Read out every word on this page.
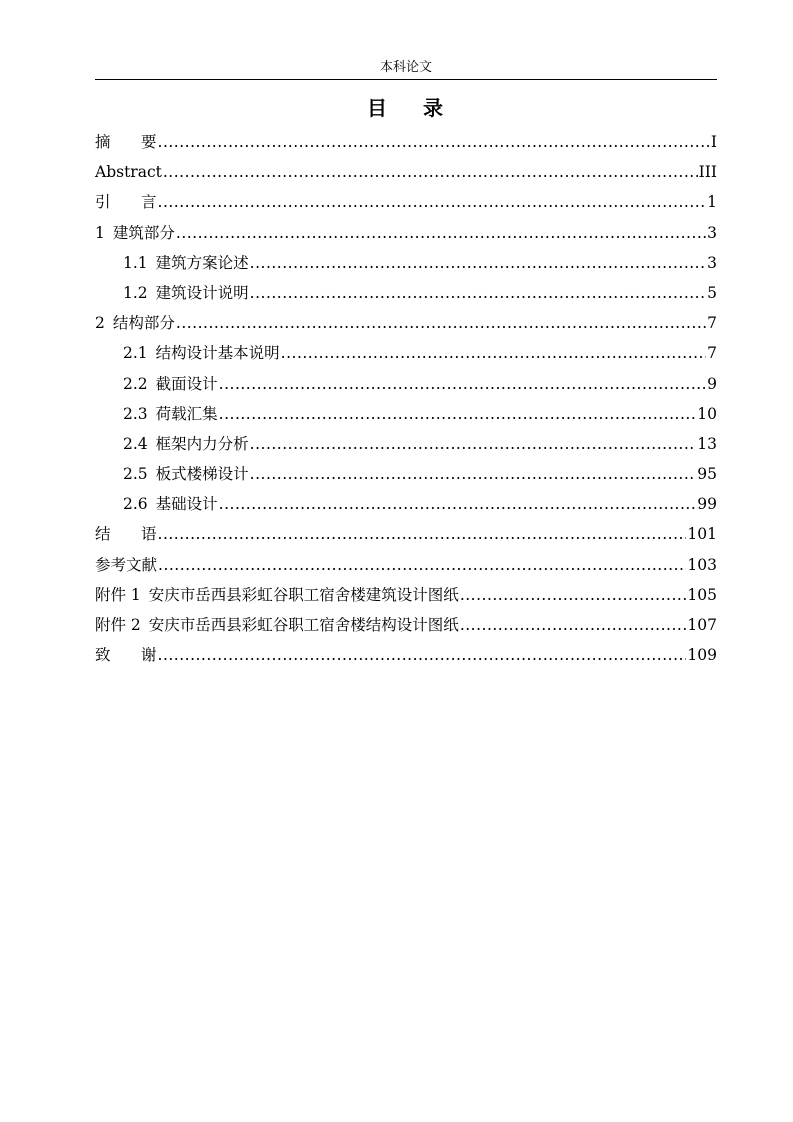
本科论文
目 录
摘 要 .....	I
Abstract .....	III
引 言 .....	1
1 建筑部分 .....	3
1.1 建筑方案论述 .....	3
1.2 建筑设计说明 .....	5
2 结构部分 .....	7
2.1 结构设计基本说明 .....	7
2.2 截面设计 .....	9
2.3 荷载汇集 .....	10
2.4 框架内力分析 .....	13
2.5 板式楼梯设计 .....	95
2.6 基础设计 .....	99
结 语 .....	101
参考文献 .....	103
附件 1 安庆市岳西县彩虹谷职工宿舍楼建筑设计图纸 .....	105
附件 2 安庆市岳西县彩虹谷职工宿舍楼结构设计图纸 .....	107
致 谢 .....	109
